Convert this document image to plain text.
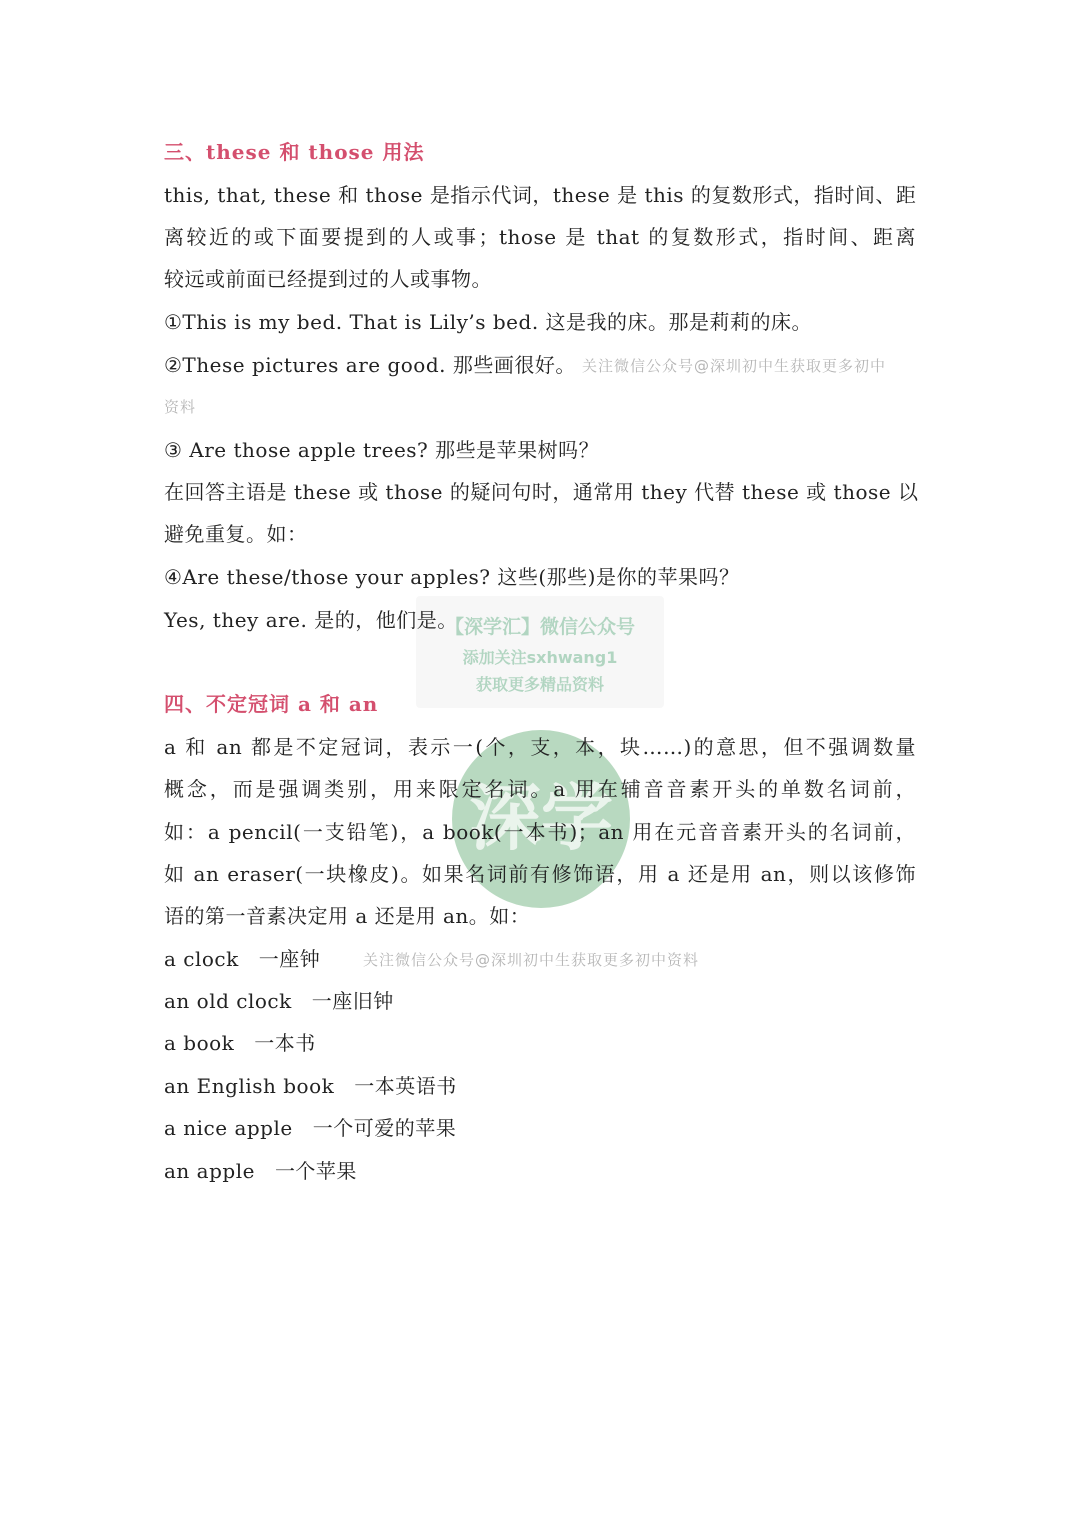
【深学汇】微信公众号
添加关注sxhwang1
获取更多精品资料
深学
三、these 和 those 用法
this, that, these 和 those 是指示代词，these 是 this 的复数形式，指时间、距
离较近的或下面要提到的人或事；those 是 that 的复数形式，指时间、距离
较远或前面已经提到过的人或事物。
①This is my bed. That is Lily’s bed. 这是我的床。那是莉莉的床。
②These pictures are good. 那些画很好。 关注微信公众号@深圳初中生获取更多初中
资料
③ Are those apple trees? 那些是苹果树吗？
在回答主语是 these 或 those 的疑问句时，通常用 they 代替 these 或 those 以
避免重复。如：
④Are these/those your apples? 这些(那些)是你的苹果吗？
Yes, they are. 是的，他们是。
四、不定冠词 a 和 an
a 和 an 都是不定冠词，表示一(个，支，本，块……)的意思，但不强调数量
概念，而是强调类别，用来限定名词。a 用在辅音音素开头的单数名词前，
如：a pencil(一支铅笔)，a book(一本书)；an 用在元音音素开头的名词前，
如 an eraser(一块橡皮)。如果名词前有修饰语，用 a 还是用 an，则以该修饰
语的第一音素决定用 a 还是用 an。如：
a clock 一座钟	关注微信公众号@深圳初中生获取更多初中资料
an old clock 一座旧钟
a book 一本书
an English book 一本英语书
a nice apple 一个可爱的苹果
an apple 一个苹果
